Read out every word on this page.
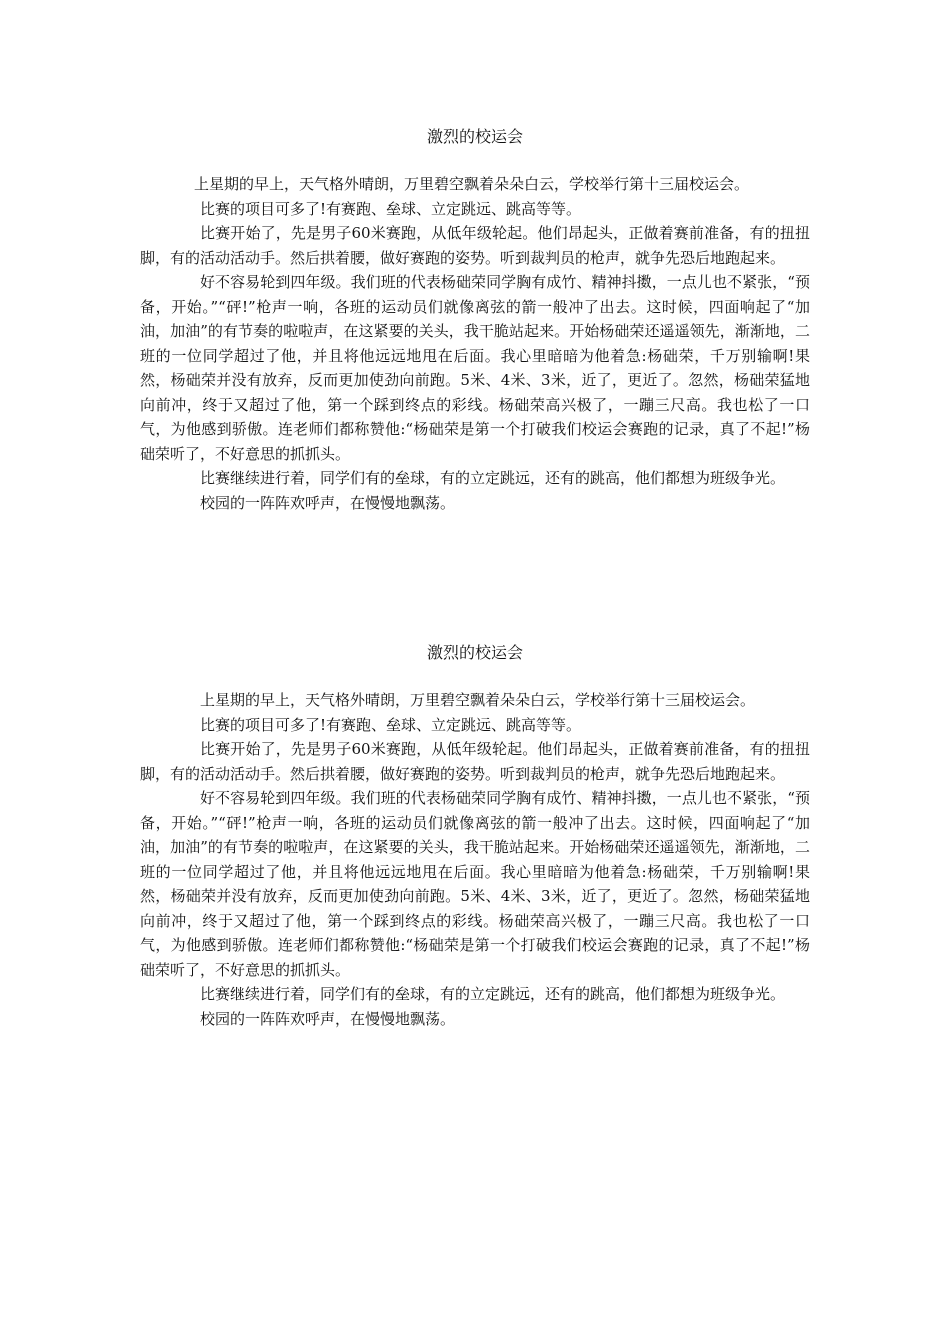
激烈的校运会

上星期的早上，天气格外晴朗，万里碧空飘着朵朵白云，学校举行第十三届校运会。

比赛的项目可多了!有赛跑、垒球、立定跳远、跳高等等。

比赛开始了，先是男子60米赛跑，从低年级轮起。他们昂起头，正做着赛前准备，有的扭扭脚，有的活动活动手。然后拱着腰，做好赛跑的姿势。听到裁判员的枪声，就争先恐后地跑起来。

好不容易轮到四年级。我们班的代表杨础荣同学胸有成竹、精神抖擞，一点儿也不紧张，“预备，开始。”“砰!”枪声一响，各班的运动员们就像离弦的箭一般冲了出去。这时候，四面响起了“加油，加油”的有节奏的啦啦声，在这紧要的关头，我干脆站起来。开始杨础荣还遥遥领先，渐渐地，二班的一位同学超过了他，并且将他远远地甩在后面。我心里暗暗为他着急:杨础荣，千万别输啊!果然，杨础荣并没有放弃，反而更加使劲向前跑。5米、4米、3米，近了，更近了。忽然，杨础荣猛地向前冲，终于又超过了他，第一个踩到终点的彩线。杨础荣高兴极了，一蹦三尺高。我也松了一口气，为他感到骄傲。连老师们都称赞他:“杨础荣是第一个打破我们校运会赛跑的记录，真了不起!”杨础荣听了，不好意思的抓抓头。

比赛继续进行着，同学们有的垒球，有的立定跳远，还有的跳高，他们都想为班级争光。

校园的一阵阵欢呼声，在慢慢地飘荡。

激烈的校运会

上星期的早上，天气格外晴朗，万里碧空飘着朵朵白云，学校举行第十三届校运会。

比赛的项目可多了!有赛跑、垒球、立定跳远、跳高等等。

比赛开始了，先是男子60米赛跑，从低年级轮起。他们昂起头，正做着赛前准备，有的扭扭脚，有的活动活动手。然后拱着腰，做好赛跑的姿势。听到裁判员的枪声，就争先恐后地跑起来。

好不容易轮到四年级。我们班的代表杨础荣同学胸有成竹、精神抖擞，一点儿也不紧张，“预备，开始。”“砰!”枪声一响，各班的运动员们就像离弦的箭一般冲了出去。这时候，四面响起了“加油，加油”的有节奏的啦啦声，在这紧要的关头，我干脆站起来。开始杨础荣还遥遥领先，渐渐地，二班的一位同学超过了他，并且将他远远地甩在后面。我心里暗暗为他着急:杨础荣，千万别输啊!果然，杨础荣并没有放弃，反而更加使劲向前跑。5米、4米、3米，近了，更近了。忽然，杨础荣猛地向前冲，终于又超过了他，第一个踩到终点的彩线。杨础荣高兴极了，一蹦三尺高。我也松了一口气，为他感到骄傲。连老师们都称赞他:“杨础荣是第一个打破我们校运会赛跑的记录，真了不起!”杨础荣听了，不好意思的抓抓头。

比赛继续进行着，同学们有的垒球，有的立定跳远，还有的跳高，他们都想为班级争光。

校园的一阵阵欢呼声，在慢慢地飘荡。
